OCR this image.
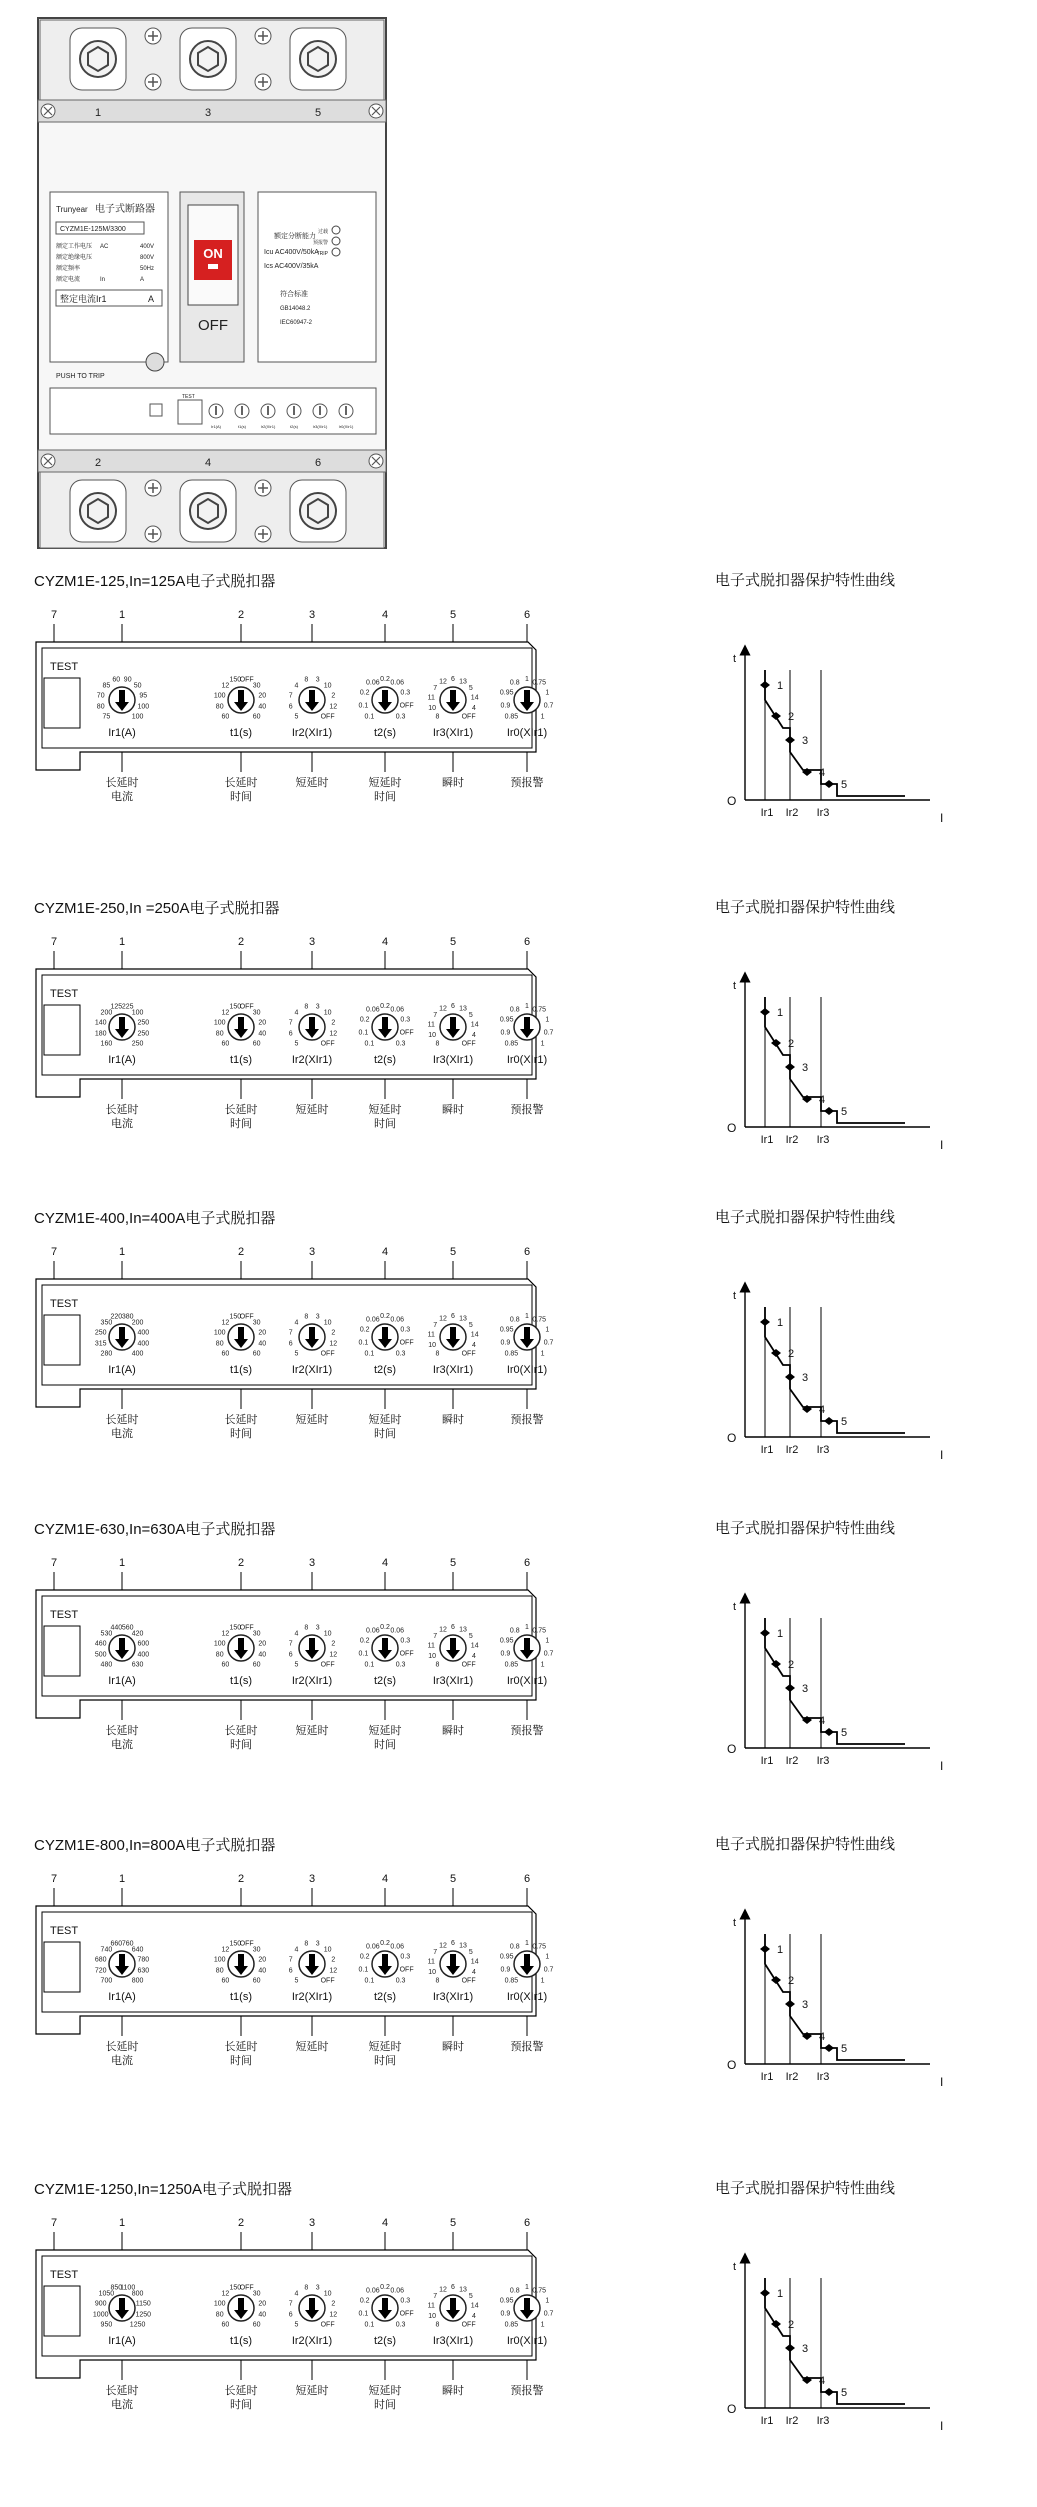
Trunyear 电子式断路器
CYZM1E-125M/3300
额定工作电压 AC	400V
额定绝缘电压	800V
额定频率	50Hz
额定电流	In	A
整定电流Ir1	A
PUSH TO TRIP
ON
OFF
额定分断能力
过载
预报警
TRIP
Icu AC400V/50kA
Ics AC400V/35kA
符合标准
GB14048.2
IEC60947-2
TEST
Ir1(A)	t1(s)	Ir2(XIr1)	t2(s)	Ir3(XIr1)	Ir0(XIr1)
1
2
3
4
5
6
CYZM1E-125,In=125A电子式脱扣器
7	1	2	3	4	5	6
TEST
75
80
70
85
60 90
50
95
100
100
Ir1(A)
60
80
100
12
150
OFF
30
20
40
60
t1(s)
5
6
7
4
8 3
10
2
12
OFF
Ir2(XIr1)
0.1
0.1
0.2
0.06
0.2
0.06
0.3
OFF
0.3
t2(s)
8
10
11
7
12 6 13
5
14
4
OFF
Ir3(XIr1)
0.85
0.9
0.95
0.8
1
0.75
1
0.7
1
Ir0(XIr1)
长延时
电流
长延时
时间
短延时	短延时
时间
瞬时	预报警
电子式脱扣器保护特性曲线
t
O
I
Ir1 Ir2 Ir3
1
2
3
4
5
CYZM1E-250,In =250A电子式脱扣器
7	1	2	3	4	5	6
TEST
160
180
140
200
125 225
100
250
250
250
Ir1(A)
60
80
100
12
150
OFF
30
20
40
60
t1(s)
5
6
7
4
8 3
10
2
12
OFF
Ir2(XIr1)
0.1
0.1
0.2
0.06
0.2
0.06
0.3
OFF
0.3
t2(s)
8
10
11
7
12 6 13
5
14
4
OFF
Ir3(XIr1)
0.85
0.9
0.95
0.8
1
0.75
1
0.7
1
Ir0(XIr1)
长延时
电流
长延时
时间
短延时	短延时
时间
瞬时	预报警
电子式脱扣器保护特性曲线
t
O
I
Ir1 Ir2 Ir3
1
2
3
4
5
CYZM1E-400,In=400A电子式脱扣器
7	1	2	3	4	5	6
TEST
280
315
250
350
220 380
200
400
400
400
Ir1(A)
60
80
100
12
150
OFF
30
20
40
60
t1(s)
5
6
7
4
8 3
10
2
12
OFF
Ir2(XIr1)
0.1
0.1
0.2
0.06
0.2
0.06
0.3
OFF
0.3
t2(s)
8
10
11
7
12 6 13
5
14
4
OFF
Ir3(XIr1)
0.85
0.9
0.95
0.8
1
0.75
1
0.7
1
Ir0(XIr1)
长延时
电流
长延时
时间
短延时	短延时
时间
瞬时	预报警
电子式脱扣器保护特性曲线
t
O
I
Ir1 Ir2 Ir3
1
2
3
4
5
CYZM1E-630,In=630A电子式脱扣器
7	1	2	3	4	5	6
TEST
480
500
460
530
440 560
420
600
400
630
Ir1(A)
60
80
100
12
150
OFF
30
20
40
60
t1(s)
5
6
7
4
8 3
10
2
12
OFF
Ir2(XIr1)
0.1
0.1
0.2
0.06
0.2
0.06
0.3
OFF
0.3
t2(s)
8
10
11
7
12 6 13
5
14
4
OFF
Ir3(XIr1)
0.85
0.9
0.95
0.8
1
0.75
1
0.7
1
Ir0(XIr1)
长延时
电流
长延时
时间
短延时	短延时
时间
瞬时	预报警
电子式脱扣器保护特性曲线
t
O
I
Ir1 Ir2 Ir3
1
2
3
4
5
CYZM1E-800,In=800A电子式脱扣器
7	1	2	3	4	5	6
TEST
700
720
680
740
660 760
640
780
630
800
Ir1(A)
60
80
100
12
150
OFF
30
20
40
60
t1(s)
5
6
7
4
8 3
10
2
12
OFF
Ir2(XIr1)
0.1
0.1
0.2
0.06
0.2
0.06
0.3
OFF
0.3
t2(s)
8
10
11
7
12 6 13
5
14
4
OFF
Ir3(XIr1)
0.85
0.9
0.95
0.8
1
0.75
1
0.7
1
Ir0(XIr1)
长延时
电流
长延时
时间
短延时	短延时
时间
瞬时	预报警
电子式脱扣器保护特性曲线
t
O
I
Ir1 Ir2 Ir3
1
2
3
4
5
CYZM1E-1250,In=1250A电子式脱扣器
7	1	2	3	4	5	6
TEST
950
1000
900
1050
850
1100
800
1150
1250
1250
Ir1(A)
60
80
100
12
150
OFF
30
20
40
60
t1(s)
5
6
7
4
8 3
10
2
12
OFF
Ir2(XIr1)
0.1
0.1
0.2
0.06
0.2
0.06
0.3
OFF
0.3
t2(s)
8
10
11
7
12 6 13
5
14
4
OFF
Ir3(XIr1)
0.85
0.9
0.95
0.8
1
0.75
1
0.7
1
Ir0(XIr1)
长延时
电流
长延时
时间
短延时	短延时
时间
瞬时	预报警
电子式脱扣器保护特性曲线
t
O
I
Ir1 Ir2 Ir3
1
2
3
4
5
